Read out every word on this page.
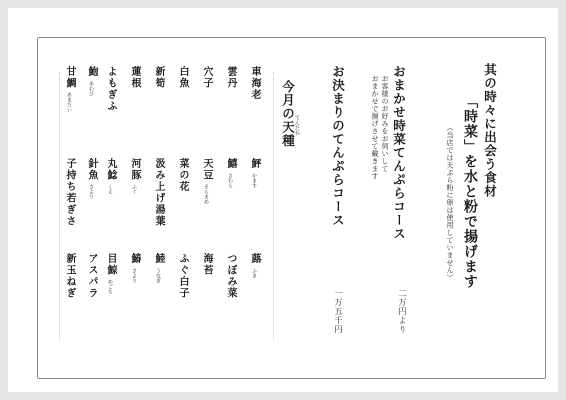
其の時々に出会う食材
「時菜」を水と粉で揚げます
（当店では天ぷら粉に卵は使用していません）
おまかせ時菜てんぷらコース
お客様のお好みをお伺いして
おまかせで揚げさせて戴きます
二万円より
お決まりのてんぷらコース
一万五千円
今月の天種
てんだね
車海老
雲丹
穴子
白魚
新筍
蓮根
よもぎふ
鮑あわび
甘鯛あまだい
鮃かます
鱚さわら
天豆そらまめ
菜の花
汲み上げ湯葉
河豚ふぐ
丸鯰くえ
針魚さより
子持ち若ぎさ
蕗ふき
つぼみ菜
海苔
ふぐ白子
鯥うなぎ
鰆さより
目鯨めごち
アスパラ
新玉ねぎ
